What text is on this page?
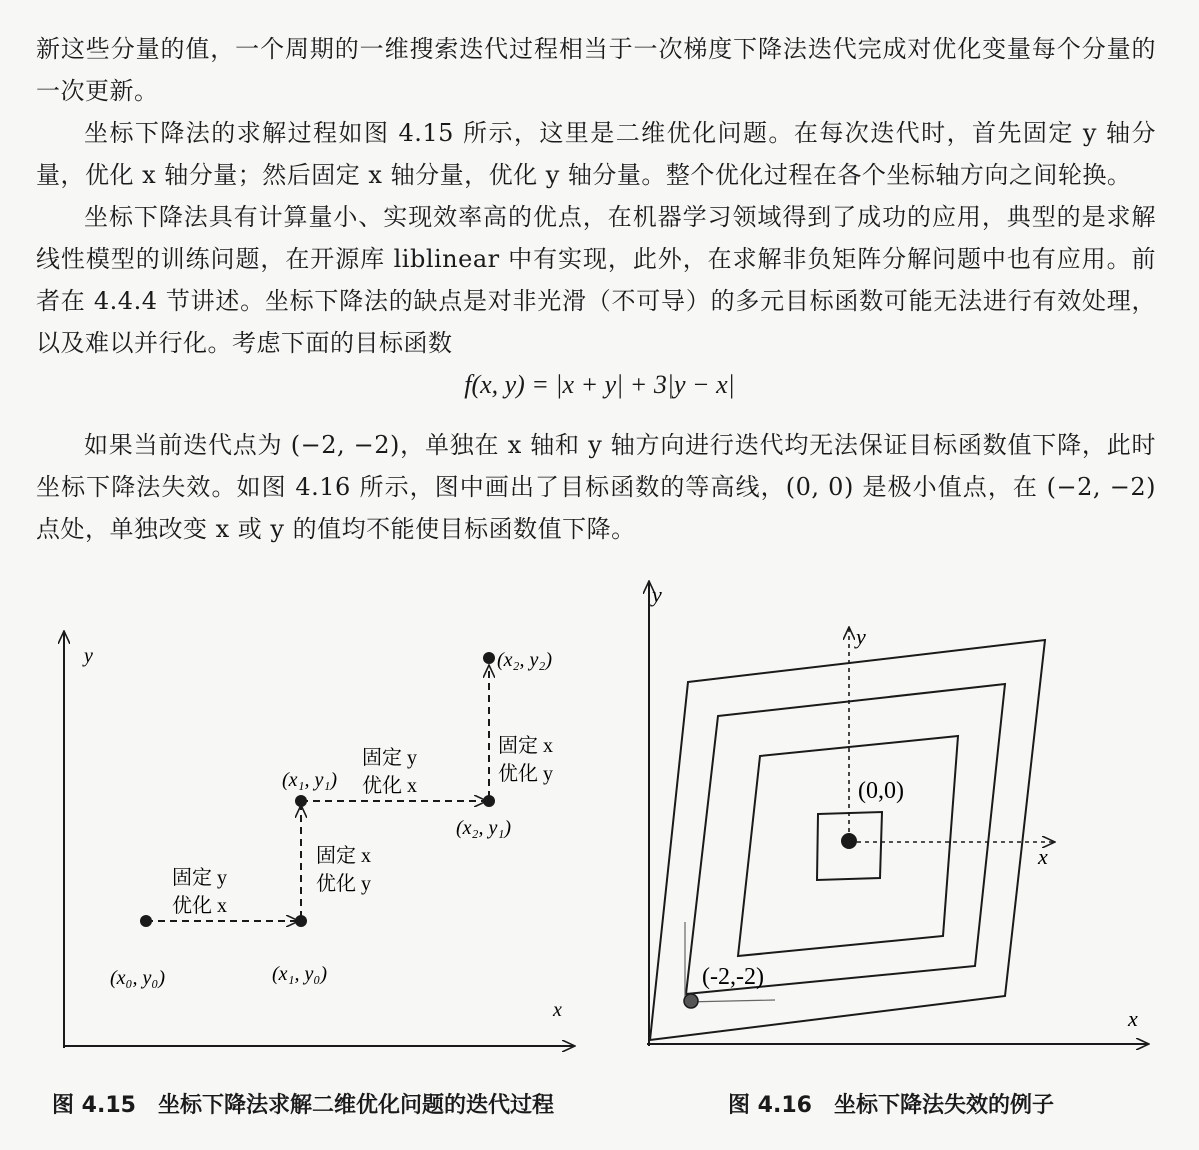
新这些分量的值，一个周期的一维搜索迭代过程相当于一次梯度下降法迭代完成对优化变量每个分量的一次更新。

坐标下降法的求解过程如图 4.15 所示，这里是二维优化问题。在每次迭代时，首先固定 y 轴分量，优化 x 轴分量；然后固定 x 轴分量，优化 y 轴分量。整个优化过程在各个坐标轴方向之间轮换。

坐标下降法具有计算量小、实现效率高的优点，在机器学习领域得到了成功的应用，典型的是求解线性模型的训练问题，在开源库 liblinear 中有实现，此外，在求解非负矩阵分解问题中也有应用。前者在 4.4.4 节讲述。坐标下降法的缺点是对非光滑（不可导）的多元目标函数可能无法进行有效处理，以及难以并行化。考虑下面的目标函数

f(x, y) = |x + y| + 3|y − x|

如果当前迭代点为 (−2, −2)，单独在 x 轴和 y 轴方向进行迭代均无法保证目标函数值下降，此时坐标下降法失效。如图 4.16 所示，图中画出了目标函数的等高线，(0, 0) 是极小值点，在 (−2, −2) 点处，单独改变 x 或 y 的值均不能使目标函数值下降。

y
x
(x₀, y₀)	(x₁, y₀)
(x₁, y₁)
(x₂, y₁)
(x₂, y₂)
固定 y
优化 x
固定 x
优化 y
固定 y
优化 x
固定 x
优化 y
y
x
y
x
(0,0)
(-2,-2)
图 4.15 坐标下降法求解二维优化问题的迭代过程	图 4.16 坐标下降法失效的例子
